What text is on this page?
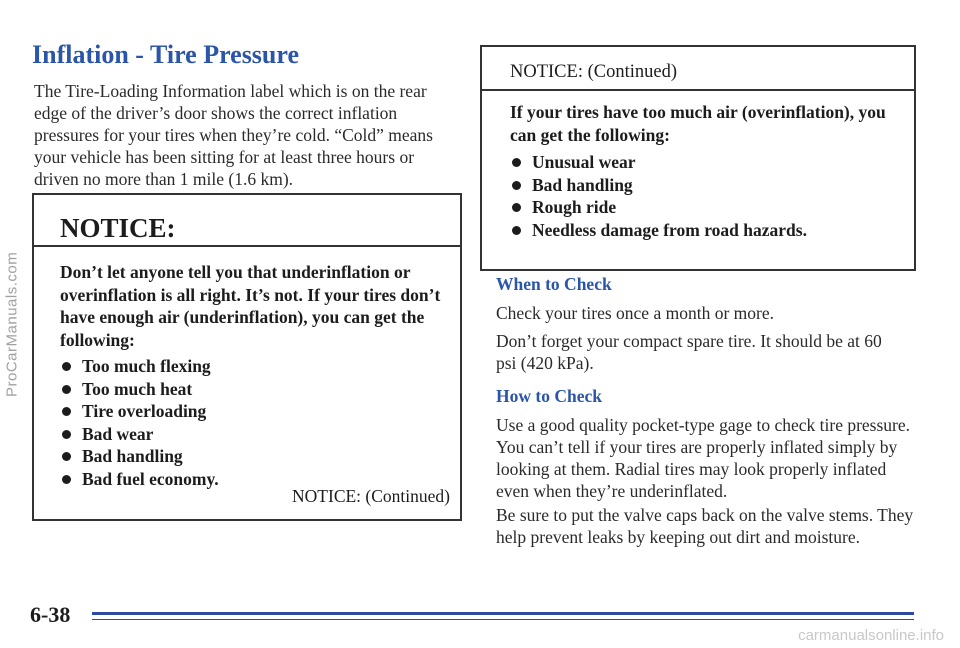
ProCarManuals.com
Inflation - Tire Pressure

The Tire-Loading Information label which is on the rear edge of the driver’s door shows the correct inflation pressures for your tires when they’re cold. “Cold” means your vehicle has been sitting for at least three hours or driven no more than 1 mile (1.6 km).

NOTICE:

Don’t let anyone tell you that underinflation or overinflation is all right. It’s not. If your tires don’t have enough air (underinflation), you can get the following:

Too much flexing
Too much heat
Tire overloading
Bad wear
Bad handling
Bad fuel economy.
NOTICE: (Continued)
NOTICE: (Continued)

If your tires have too much air (overinflation), you can get the following:

Unusual wear
Bad handling
Rough ride
Needless damage from road hazards.
When to Check

Check your tires once a month or more.

Don’t forget your compact spare tire. It should be at 60 psi (420 kPa).

How to Check

Use a good quality pocket-type gage to check tire pressure. You can’t tell if your tires are properly inflated simply by looking at them. Radial tires may look properly inflated even when they’re underinflated.

Be sure to put the valve caps back on the valve stems. They help prevent leaks by keeping out dirt and moisture.

6-38
carmanualsonline.info
